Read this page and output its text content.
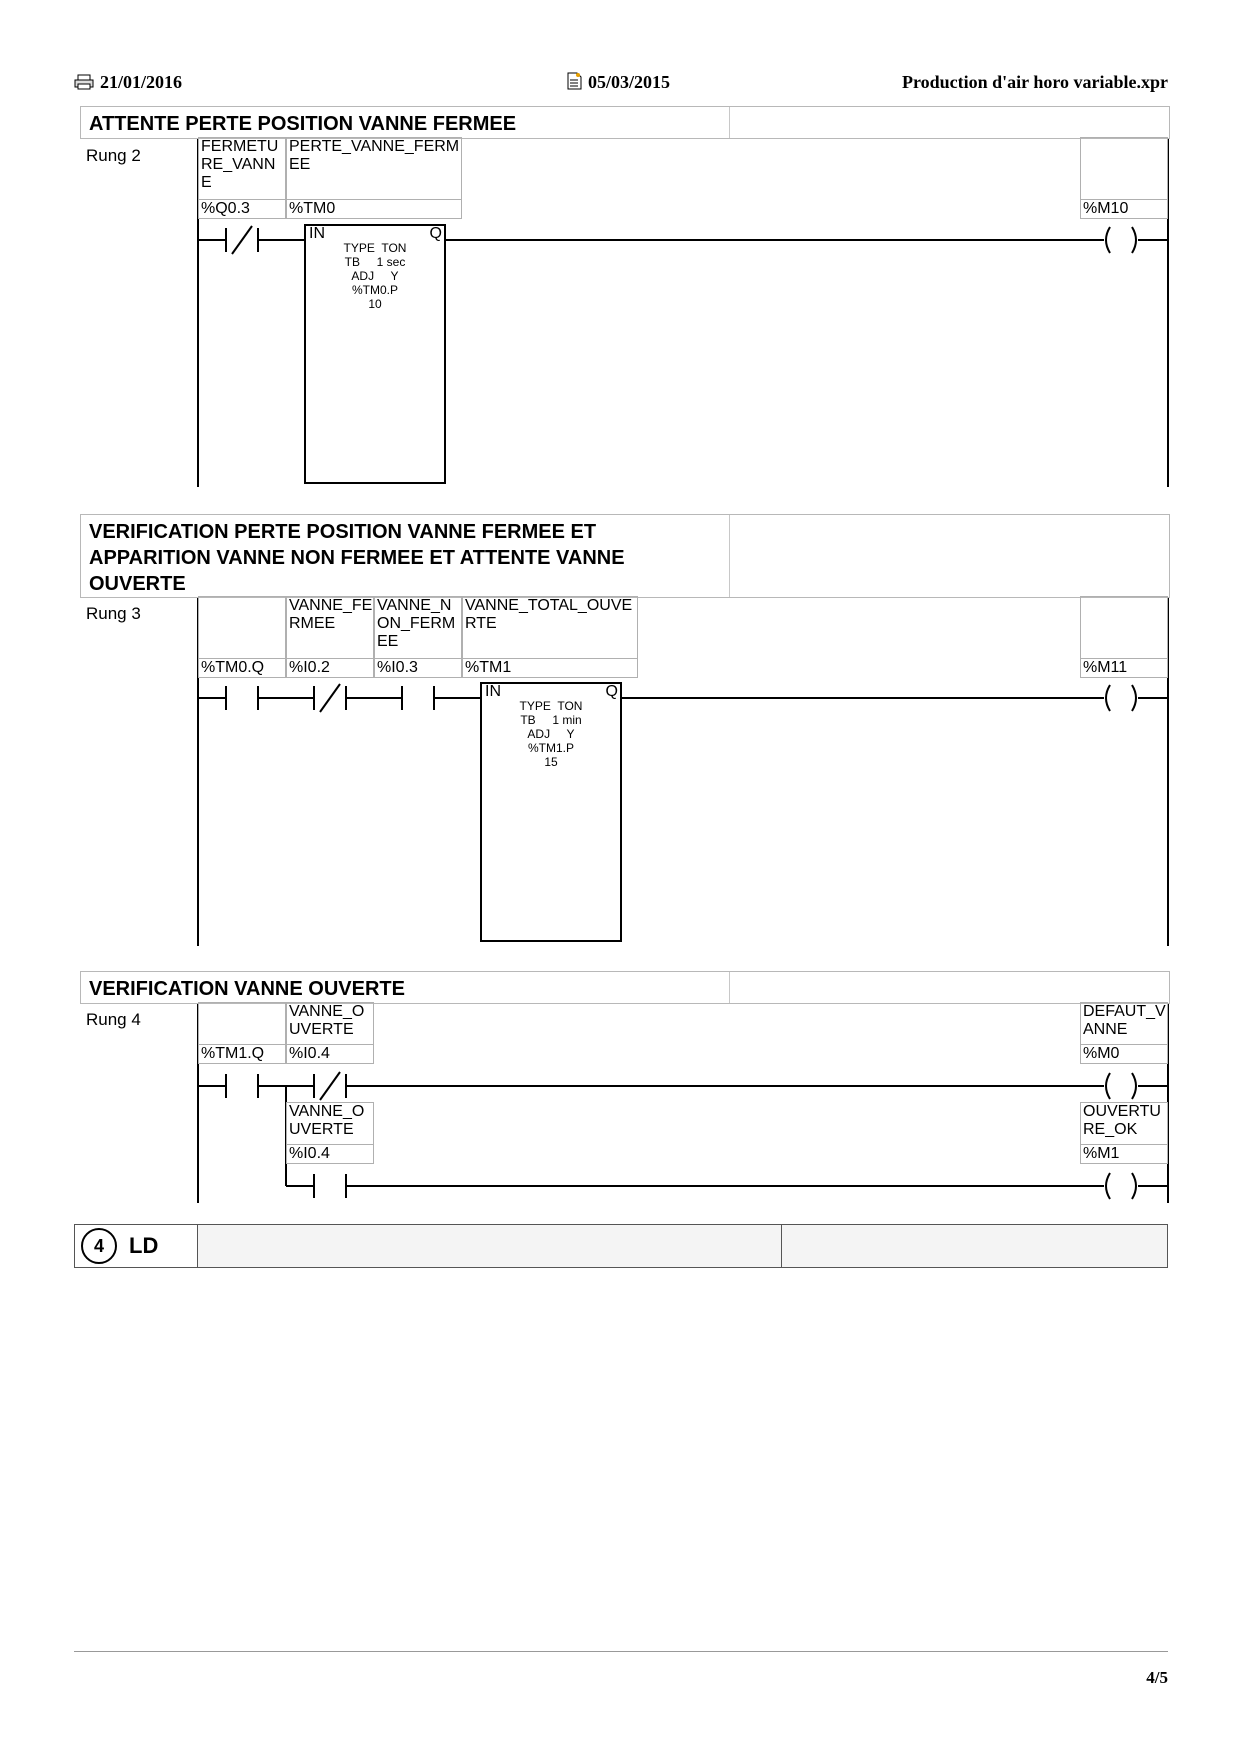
21/01/2016	05/03/2015	Production d'air horo variable.xpr
ATTENTE PERTE POSITION VANNE FERMEE
Rung 2	FERMETURE_VANNE
PERTE_VANNE_FERMEE
%Q0.3	%TM0	%M10
IN	Q
TYPE  TON
TB     1 sec
ADJ     Y
%TM0.P
10
VERIFICATION PERTE POSITION VANNE FERMEE ET APPARITION VANNE NON FERMEE ET ATTENTE VANNE OUVERTE
Rung 3	VANNE_FERMEE
VANNE_NON_FERMEE
VANNE_TOTAL_OUVERTE
%TM0.Q	%I0.2	%I0.3	%TM1	%M11
IN	Q
TYPE  TON
TB     1 min
ADJ     Y
%TM1.P
15
VERIFICATION VANNE OUVERTE
Rung 4	VANNE_OUVERTE
DEFAUT_VANNE
%TM1.Q	%I0.4	%M0
VANNE_OUVERTE
OUVERTURE_OK
%I0.4	%M1
4	LD
4/5
